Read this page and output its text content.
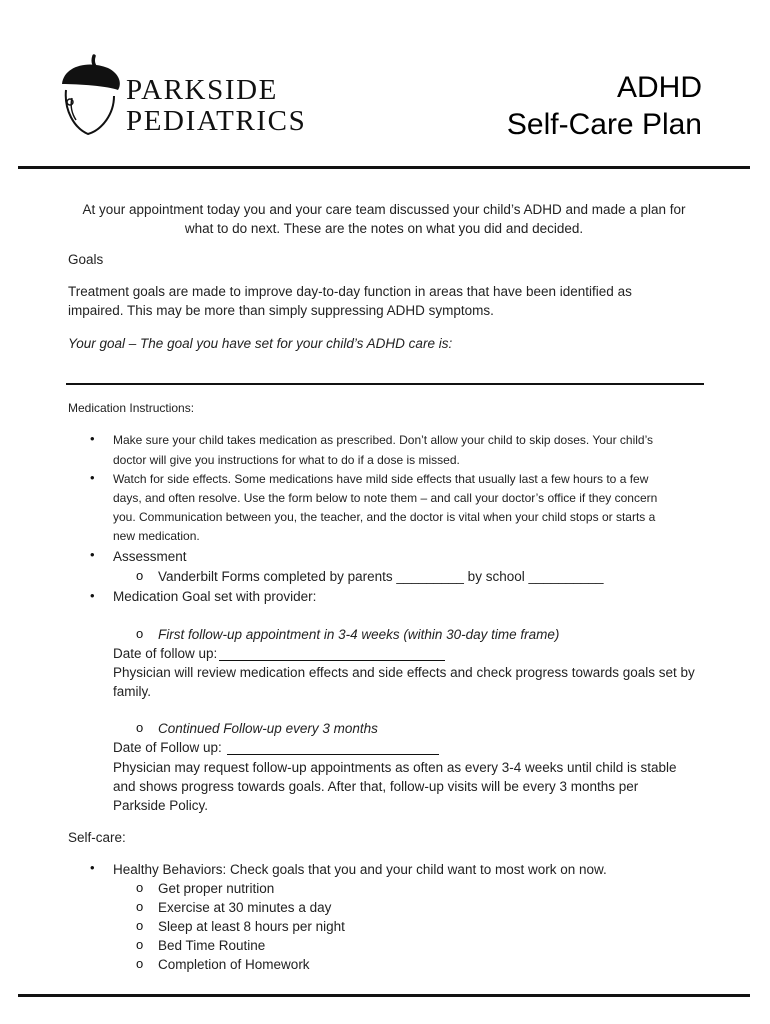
PARKSIDE
PEDIATRICS
ADHD
Self-Care Plan
At your appointment today you and your care team discussed your child’s ADHD and made a plan for
what to do next. These are the notes on what you did and decided.
Goals
Treatment goals are made to improve day-to-day function in areas that have been identified as
impaired. This may be more than simply suppressing ADHD symptoms.
Your goal – The goal you have set for your child’s ADHD care is:
Medication Instructions:
• Make sure your child takes medication as prescribed. Don’t allow your child to skip doses. Your child’s
doctor will give you instructions for what to do if a dose is missed.
• Watch for side effects. Some medications have mild side effects that usually last a few hours to a few
days, and often resolve. Use the form below to note them – and call your doctor’s office if they concern
you. Communication between you, the teacher, and the doctor is vital when your child stops or starts a
new medication.
• Assessment
o Vanderbilt Forms completed by parents _________ by school __________
• Medication Goal set with provider:
o First follow-up appointment in 3-4 weeks (within 30-day time frame)
Date of follow up:
Physician will review medication effects and side effects and check progress towards goals set by
family.
o Continued Follow-up every 3 months
Date of Follow up:
Physician may request follow-up appointments as often as every 3-4 weeks until child is stable
and shows progress towards goals. After that, follow-up visits will be every 3 months per
Parkside Policy.
Self-care:
• Healthy Behaviors: Check goals that you and your child want to most work on now.
o Get proper nutrition
o Exercise at 30 minutes a day
o Sleep at least 8 hours per night
o Bed Time Routine
o Completion of Homework
